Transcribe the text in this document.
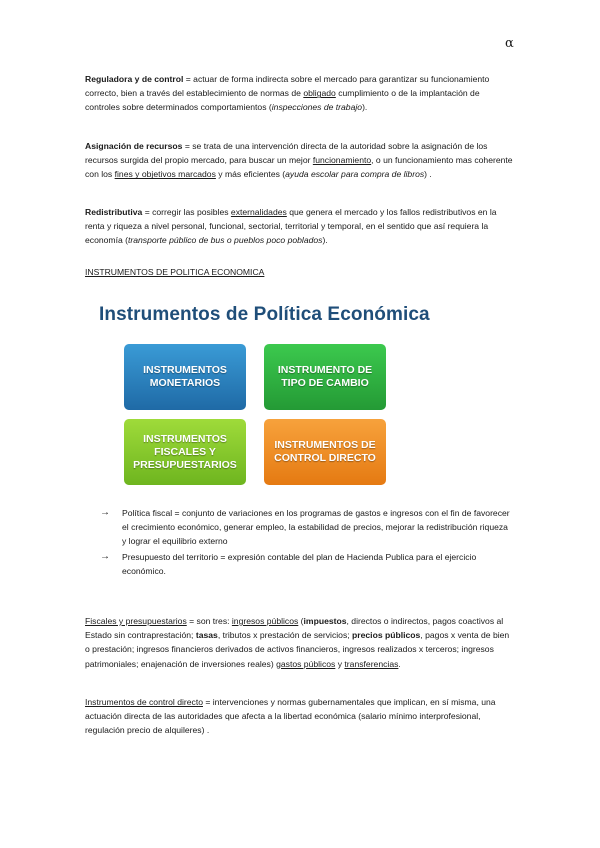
α
Reguladora y de control = actuar de forma indirecta sobre el mercado para garantizar su funcionamiento correcto, bien a través del establecimiento de normas de obligado cumplimiento o de la implantación de controles sobre determinados comportamientos (inspecciones de trabajo).
Asignación de recursos = se trata de una intervención directa de la autoridad sobre la asignación de los recursos surgida del propio mercado, para buscar un mejor funcionamiento, o un funcionamiento mas coherente con los fines y objetivos marcados y más eficientes (ayuda escolar para compra de libros) .
Redistributiva = corregir las posibles externalidades que genera el mercado y los fallos redistributivos en la renta y riqueza a nivel personal, funcional, sectorial, territorial y temporal, en el sentido que así requiera la economía (transporte público de bus o pueblos poco poblados).
INSTRUMENTOS DE POLITICA ECONOMICA
Instrumentos de Política Económica
INSTRUMENTOS MONETARIOS
INSTRUMENTO DE TIPO DE CAMBIO
INSTRUMENTOS FISCALES Y PRESUPUESTARIOS
INSTRUMENTOS DE CONTROL DIRECTO
→ Política fiscal = conjunto de variaciones en los programas de gastos e ingresos con el fin de favorecer el crecimiento económico, generar empleo, la estabilidad de precios, mejorar la redistribución riqueza y lograr el equilibrio externo
→ Presupuesto del territorio = expresión contable del plan de Hacienda Publica para el ejercicio económico.
Fiscales y presupuestarios = son tres: ingresos públicos (impuestos, directos o indirectos, pagos coactivos al Estado sin contraprestación; tasas, tributos x prestación de servicios; precios públicos, pagos x venta de bien o prestación; ingresos financieros derivados de activos financieros, ingresos realizados x terceros; ingresos patrimoniales; enajenación de inversiones reales) gastos públicos y transferencias.
Instrumentos de control directo = intervenciones y normas gubernamentales que implican, en sí misma, una actuación directa de las autoridades que afecta a la libertad económica (salario mínimo interprofesional, regulación precio de alquileres) .
